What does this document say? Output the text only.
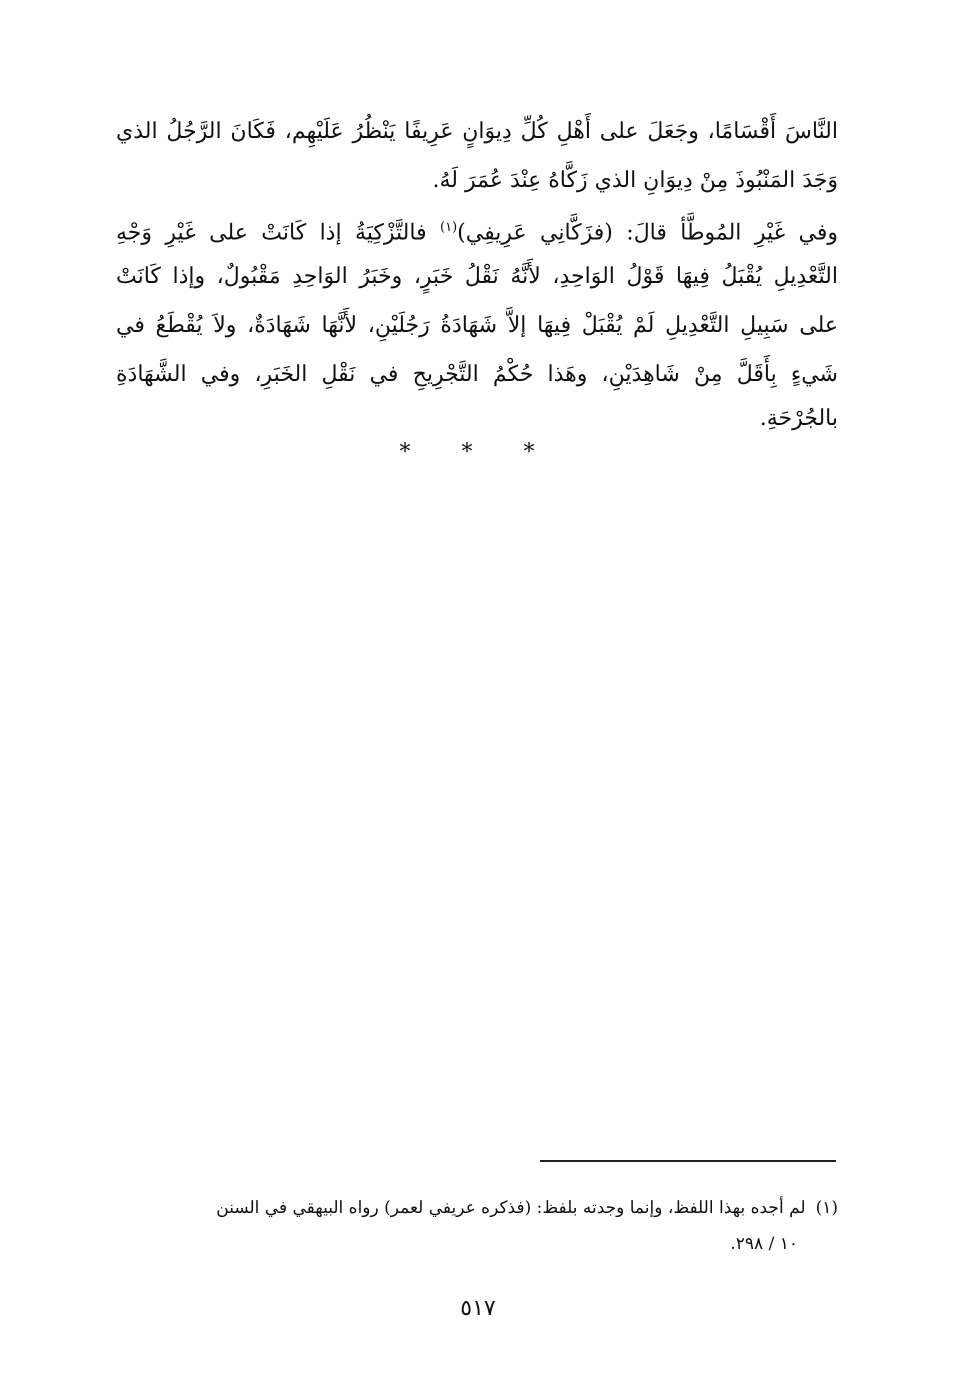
النَّاسَ أَقْسَامًا، وجَعَلَ على أَهْلِ كُلِّ دِيوَانٍ عَرِيفًا يَنْظُرُ عَلَيْهِم، فَكَانَ الرَّجُلُ الذي
وَجَدَ المَنْبُوذَ مِنْ دِيوَانِ الذي زَكَّاهُ عِنْدَ عُمَرَ لَهُ.
وفي غَيْرِ المُوطَّأ قالَ: (فزَكَّانِي عَرِيفِي)$^{(١)}$ فالتَّزْكِيَةُ إذا كَانَتْ على غَيْرِ وَجْهِ
التَّعْدِيلِ يُقْبَلُ فِيهَا قَوْلُ الوَاحِدِ، لأَنَّهُ نَقْلُ خَبَرٍ، وخَبَرُ الوَاحِدِ مَقْبُولٌ، وإذا كَانَتْ
على سَبِيلِ التَّعْدِيلِ لَمْ يُقْبَلْ فِيهَا إلاَّ شَهَادَةُ رَجُلَيْنِ، لأَنَّهَا شَهَادَةٌ، ولاَ يُقْطَعُ في
شَيءٍ بِأَقَلَّ مِنْ شَاهِدَيْنِ، وهَذا حُكْمُ التَّجْرِيحِ في نَقْلِ الخَبَرِ، وفي الشَّهَادَةِ
بالجُرْحَةِ.
* * *
(١)لم أجده بهذا اللفظ، وإنما وجدته بلفظ: (فذكره عريفي لعمر) رواه البيهقي في السنن
١٠ / ٢٩٨.
٥١٧
